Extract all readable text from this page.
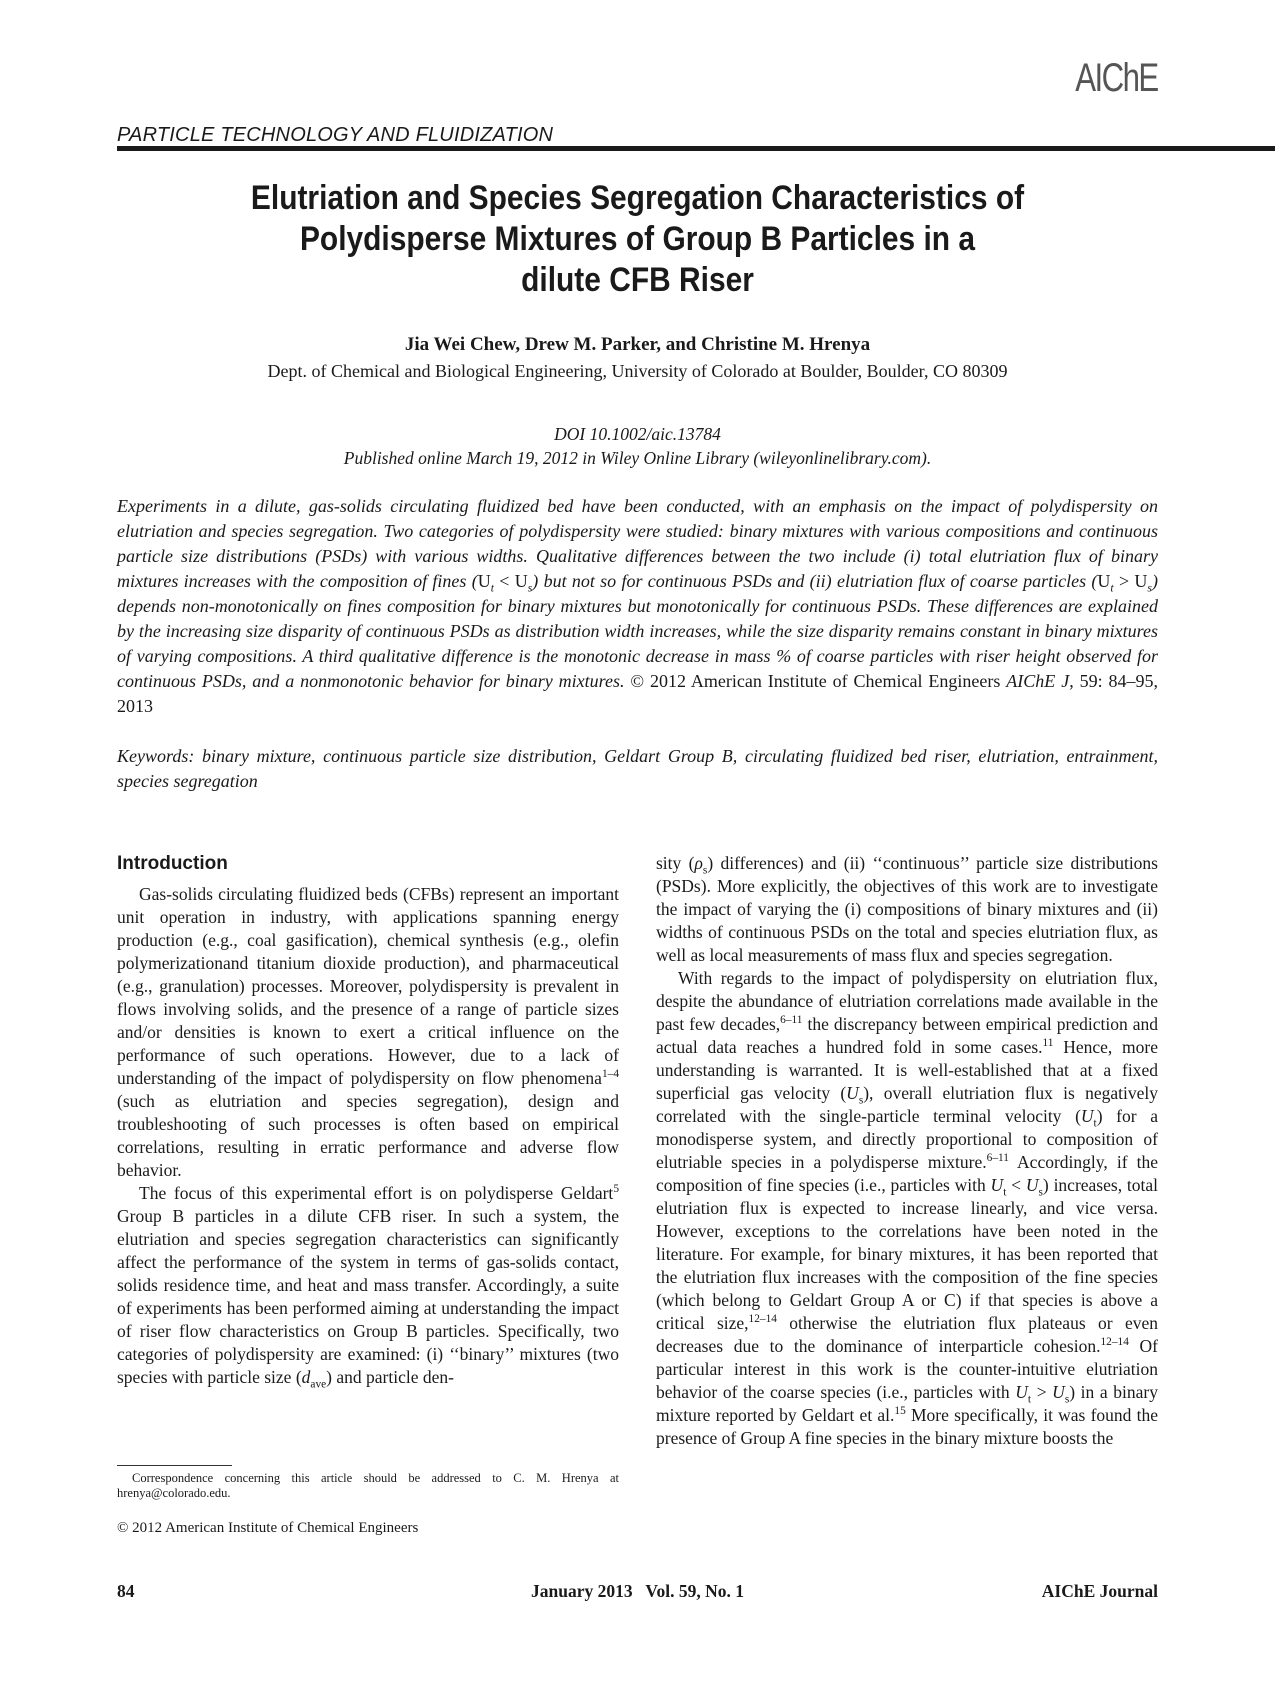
AIChE
PARTICLE TECHNOLOGY AND FLUIDIZATION
Elutriation and Species Segregation Characteristics of
Polydisperse Mixtures of Group B Particles in a
dilute CFB Riser
Jia Wei Chew, Drew M. Parker, and Christine M. Hrenya
Dept. of Chemical and Biological Engineering, University of Colorado at Boulder, Boulder, CO 80309
DOI 10.1002/aic.13784
Published online March 19, 2012 in Wiley Online Library (wileyonlinelibrary.com).
Experiments in a dilute, gas-solids circulating fluidized bed have been conducted, with an emphasis on the impact of polydispersity on elutriation and species segregation. Two categories of polydispersity were studied: binary mixtures with various compositions and continuous particle size distributions (PSDs) with various widths. Qualitative differences between the two include (i) total elutriation flux of binary mixtures increases with the composition of fines $(U_t < U_s)$ but not so for continuous PSDs and (ii) elutriation flux of coarse particles $(U_t > U_s)$ depends non-monotonically on fines composition for binary mixtures but monotonically for continuous PSDs. These differences are explained by the increasing size disparity of continuous PSDs as distribution width increases, while the size disparity remains constant in binary mixtures of varying compositions. A third qualitative difference is the monotonic decrease in mass % of coarse particles with riser height observed for continuous PSDs, and a nonmonotonic behavior for binary mixtures. © 2012 American Institute of Chemical Engineers AIChE J, 59: 84–95, 2013
Keywords: binary mixture, continuous particle size distribution, Geldart Group B, circulating fluidized bed riser, elutriation, entrainment, species segregation
Introduction

Gas-solids circulating fluidized beds (CFBs) represent an important unit operation in industry, with applications spanning energy production (e.g., coal gasification), chemical synthesis (e.g., olefin polymerizationand titanium dioxide production), and pharmaceutical (e.g., granulation) processes. Moreover, polydispersity is prevalent in flows involving solids, and the presence of a range of particle sizes and/or densities is known to exert a critical influence on the performance of such operations. However, due to a lack of understanding of the impact of polydispersity on flow phenomena$^{1-4}$ (such as elutriation and species segregation), design and troubleshooting of such processes is often based on empirical correlations, resulting in erratic performance and adverse flow behavior.

The focus of this experimental effort is on polydisperse Geldart$^5$ Group B particles in a dilute CFB riser. In such a system, the elutriation and species segregation characteristics can significantly affect the performance of the system in terms of gas-solids contact, solids residence time, and heat and mass transfer. Accordingly, a suite of experiments has been performed aiming at understanding the impact of riser flow characteristics on Group B particles. Specifically, two categories of polydispersity are examined: (i) ‘‘binary’’ mixtures (two species with particle size $(d_{ave})$ and particle den-

sity $(\rho_s)$ differences) and (ii) ‘‘continuous’’ particle size distributions (PSDs). More explicitly, the objectives of this work are to investigate the impact of varying the (i) compositions of binary mixtures and (ii) widths of continuous PSDs on the total and species elutriation flux, as well as local measurements of mass flux and species segregation.

With regards to the impact of polydispersity on elutriation flux, despite the abundance of elutriation correlations made available in the past few decades,$^{6-11}$ the discrepancy between empirical prediction and actual data reaches a hundred fold in some cases.$^{11}$ Hence, more understanding is warranted. It is well-established that at a fixed superficial gas velocity $(U_s)$, overall elutriation flux is negatively correlated with the single-particle terminal velocity $(U_t)$ for a monodisperse system, and directly proportional to composition of elutriable species in a polydisperse mixture.$^{6-11}$ Accordingly, if the composition of fine species (i.e., particles with $U_t < U_s$) increases, total elutriation flux is expected to increase linearly, and vice versa. However, exceptions to the correlations have been noted in the literature. For example, for binary mixtures, it has been reported that the elutriation flux increases with the composition of the fine species (which belong to Geldart Group A or C) if that species is above a critical size,$^{12-14}$ otherwise the elutriation flux plateaus or even decreases due to the dominance of interparticle cohesion.$^{12-14}$ Of particular interest in this work is the counter-intuitive elutriation behavior of the coarse species (i.e., particles with $U_t > U_s$) in a binary mixture reported by Geldart et al.$^{15}$ More specifically, it was found the presence of Group A fine species in the binary mixture boosts the

Correspondence concerning this article should be addressed to C. M. Hrenya at hrenya@colorado.edu.
© 2012 American Institute of Chemical Engineers
84	January 2013   Vol. 59, No. 1	AIChE Journal
